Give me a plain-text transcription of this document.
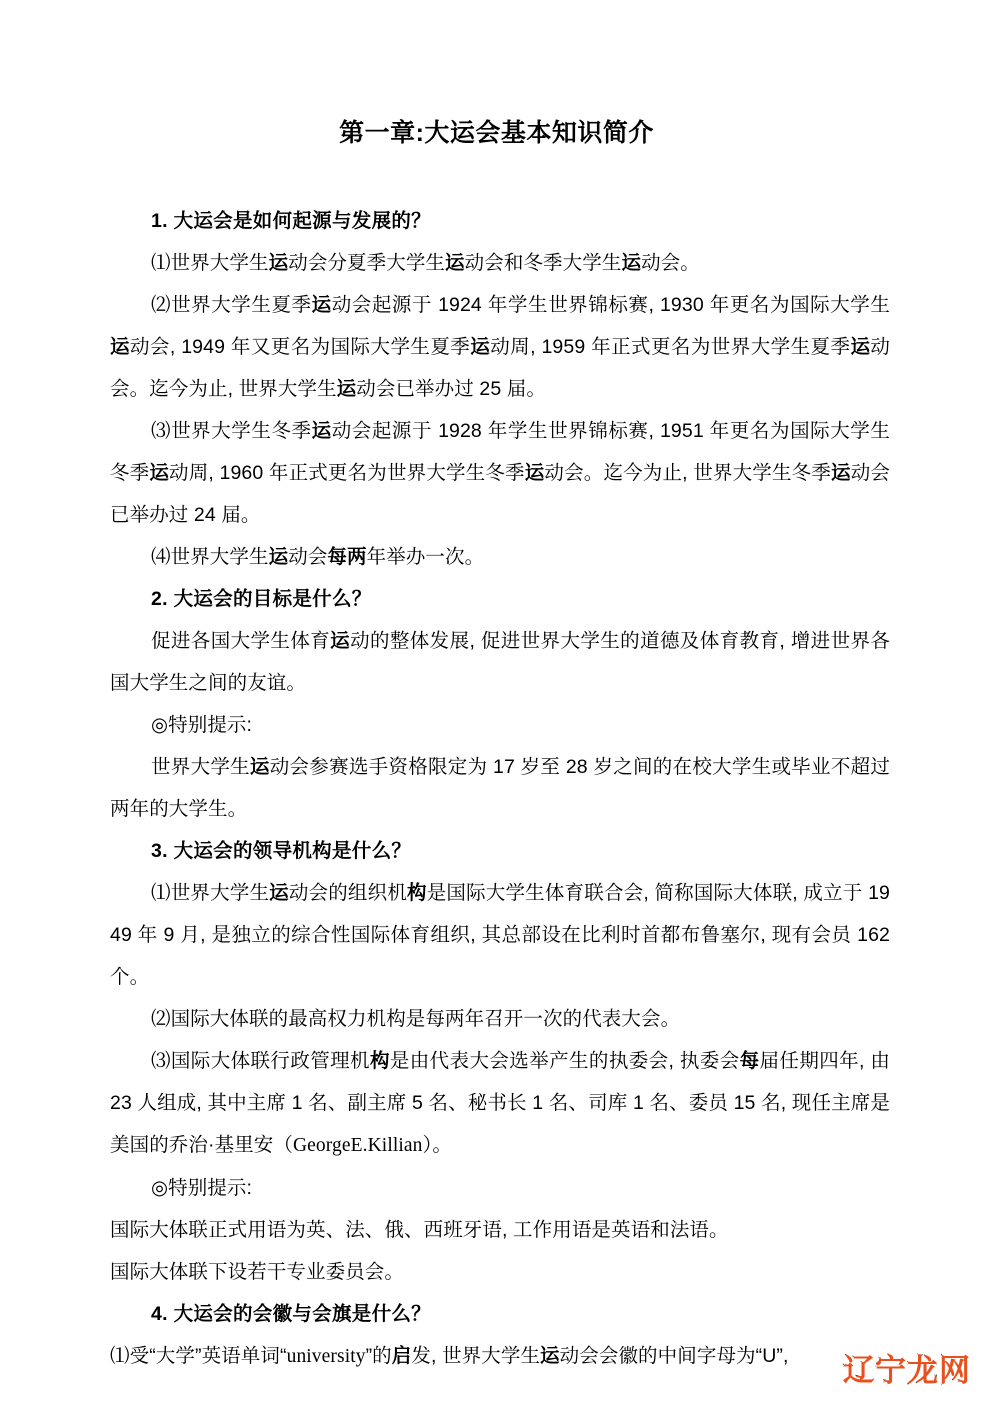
第一章:大运会基本知识简介

1. 大运会是如何起源与发展的？

⑴世界大学生运动会分夏季大学生运动会和冬季大学生运动会。

⑵世界大学生夏季运动会起源于 1924 年学生世界锦标赛, 1930 年更名为国际大学生运动会, 1949 年又更名为国际大学生夏季运动周, 1959 年正式更名为世界大学生夏季运动会。迄今为止, 世界大学生运动会已举办过 25 届。

⑶世界大学生冬季运动会起源于 1928 年学生世界锦标赛, 1951 年更名为国际大学生冬季运动周, 1960 年正式更名为世界大学生冬季运动会。迄今为止, 世界大学生冬季运动会已举办过 24 届。

⑷世界大学生运动会每两年举办一次。

2. 大运会的目标是什么？

促进各国大学生体育运动的整体发展, 促进世界大学生的道德及体育教育, 增进世界各国大学生之间的友谊。

◎特别提示:

世界大学生运动会参赛选手资格限定为 17 岁至 28 岁之间的在校大学生或毕业不超过两年的大学生。

3. 大运会的领导机构是什么？

⑴世界大学生运动会的组织机构是国际大学生体育联合会, 简称国际大体联, 成立于 1949 年 9 月, 是独立的综合性国际体育组织, 其总部设在比利时首都布鲁塞尔, 现有会员 162 个。

⑵国际大体联的最高权力机构是每两年召开一次的代表大会。

⑶国际大体联行政管理机构是由代表大会选举产生的执委会, 执委会每届任期四年, 由 23 人组成, 其中主席 1 名、副主席 5 名、秘书长 1 名、司库 1 名、委员 15 名, 现任主席是美国的乔治·基里安（GeorgeE.Killian）。

◎特别提示:

国际大体联正式用语为英、法、俄、西班牙语, 工作用语是英语和法语。

国际大体联下设若干专业委员会。

4. 大运会的会徽与会旗是什么？

⑴受“大学”英语单词“university”的启发, 世界大学生运动会会徽的中间字母为“U”,	辽宁龙网
